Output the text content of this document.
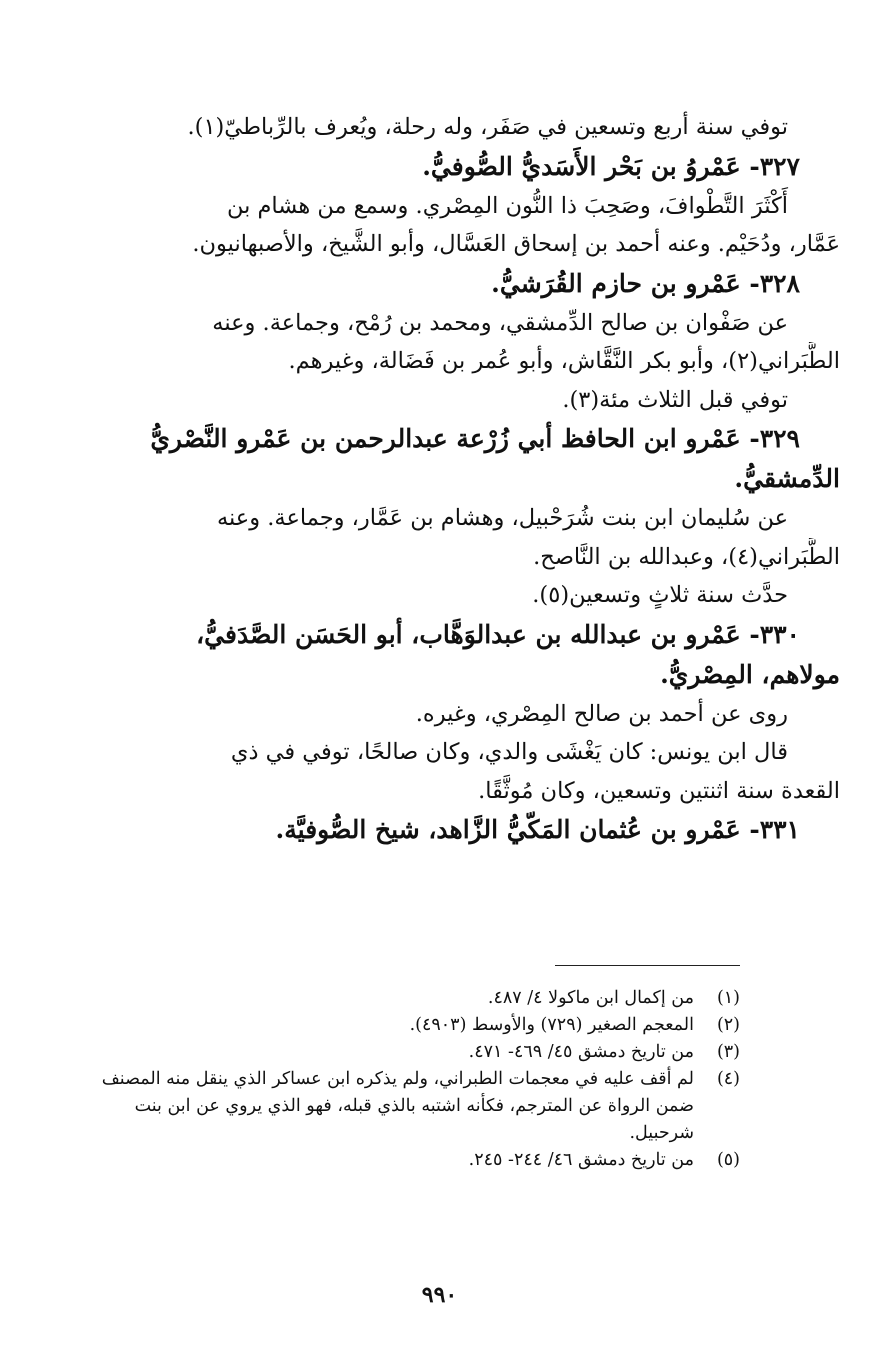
توفي سنة أربع وتسعين في صَفَر، وله رحلة، ويُعرف بالرِّباطيّ(١).
٣٢٧- عَمْروُ بن بَحْر الأَسَديُّ الصُّوفيُّ.
أَكْثَرَ التَّطْوافَ، وصَحِبَ ذا النُّون المِصْري. وسمع من هشام بن
عَمَّار، ودُحَيْم. وعنه أحمد بن إسحاق العَسَّال، وأبو الشَّيخ، والأصبهانيون.
٣٢٨- عَمْرو بن حازم القُرَشيُّ.
عن صَفْوان بن صالح الدِّمشقي، ومحمد بن رُمْح، وجماعة. وعنه
الطَّبَراني(٢)، وأبو بكر النَّقَّاش، وأبو عُمر بن فَضَالة، وغيرهم.
توفي قبل الثلاث مئة(٣).
٣٢٩- عَمْرو ابن الحافظ أبي زُرْعة عبدالرحمن بن عَمْرو النَّصْريُّ
الدِّمشقيُّ.
عن سُليمان ابن بنت شُرَحْبيل، وهشام بن عَمَّار، وجماعة. وعنه
الطَّبَراني(٤)، وعبدالله بن النَّاصح.
حدَّث سنة ثلاثٍ وتسعين(٥).
٣٣٠- عَمْرو بن عبدالله بن عبدالوَهَّاب، أبو الحَسَن الصَّدَفيُّ،
مولاهم، المِصْريُّ.
روى عن أحمد بن صالح المِصْري، وغيره.
قال ابن يونس: كان يَغْشَى والدي، وكان صالحًا، توفي في ذي
القعدة سنة اثنتين وتسعين، وكان مُوثَّقًا.
٣٣١- عَمْرو بن عُثمان المَكّيُّ الزَّاهد، شيخ الصُّوفيَّة.
(١)
من إكمال ابن ماكولا ٤/ ٤٨٧.
(٢)
المعجم الصغير (٧٢٩) والأوسط (٤٩٠٣).
(٣)
من تاريخ دمشق ٤٥/ ٤٦٩- ٤٧١.
(٤)
لم أقف عليه في معجمات الطبراني، ولم يذكره ابن عساكر الذي ينقل منه المصنف
ضمن الرواة عن المترجم، فكأنه اشتبه بالذي قبله، فهو الذي يروي عن ابن بنت
شرحبيل.
(٥)
من تاريخ دمشق ٤٦/ ٢٤٤- ٢٤٥.
٩٩٠
